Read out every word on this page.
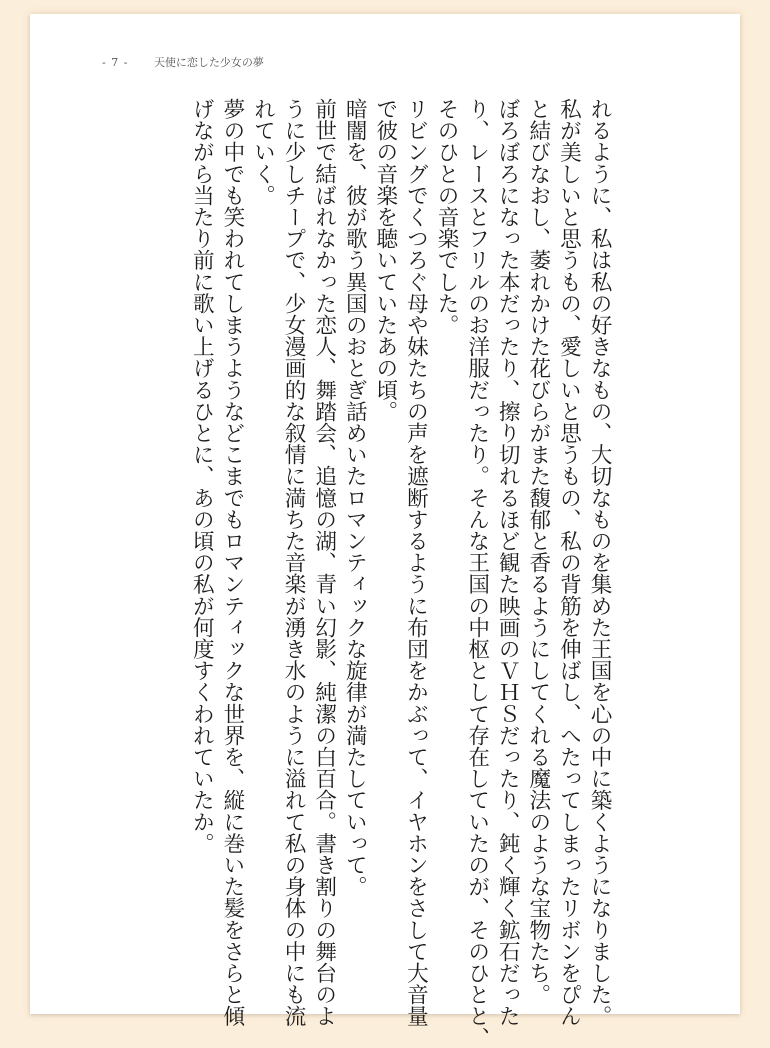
- 7 - 天使に恋した少女の夢
れるように、私は私の好きなもの、大切なものを集めた王国を心の中に築くようになりました。
私が美しいと思うもの、愛しいと思うもの、私の背筋を伸ばし、へたってしまったリボンをぴん
と結びなおし、萎れかけた花びらがまた馥郁と香るようにしてくれる魔法のような宝物たち。
ぼろぼろになった本だったり、擦り切れるほど観た映画のＶＨＳだったり、鈍く輝く鉱石だった
り、レースとフリルのお洋服だったり。そんな王国の中枢として存在していたのが、そのひとと、
そのひとの音楽でした。
リビングでくつろぐ母や妹たちの声を遮断するように布団をかぶって、イヤホンをさして大音量
で彼の音楽を聴いていたあの頃。
暗闇を、彼が歌う異国のおとぎ話めいたロマンティックな旋律が満たしていって。
前世で結ばれなかった恋人、舞踏会、追憶の湖、青い幻影、純潔の白百合。書き割りの舞台のよ
うに少しチープで、少女漫画的な叙情に満ちた音楽が湧き水のように溢れて私の身体の中にも流
れていく。
夢の中でも笑われてしまうようなどこまでもロマンティックな世界を、縦に巻いた髪をさらと傾
げながら当たり前に歌い上げるひとに、あの頃の私が何度すくわれていたか。
